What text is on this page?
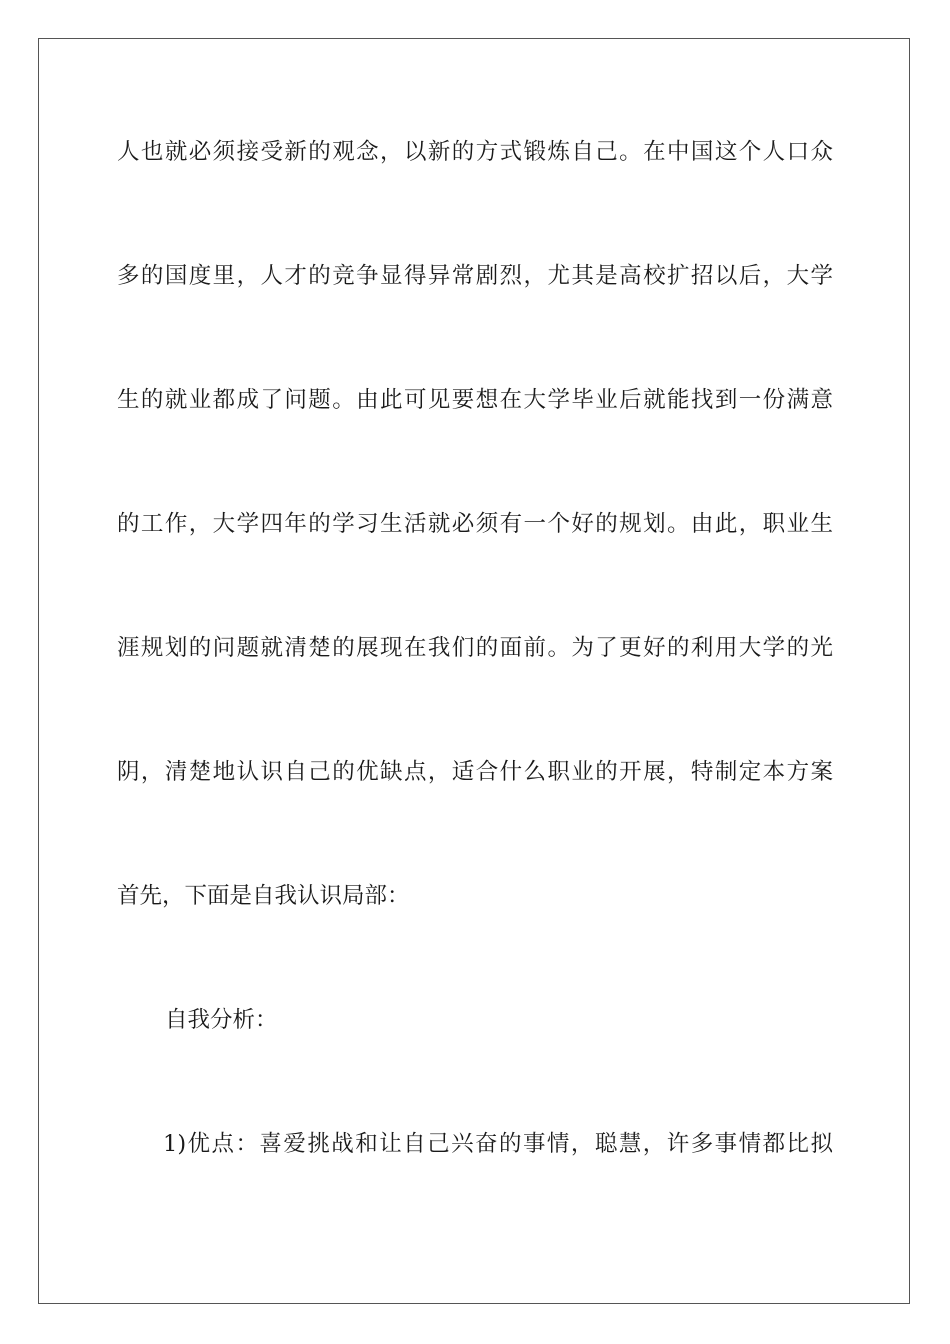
人也就必须接受新的观念，以新的方式锻炼自己。在中国这个人口众
多的国度里，人才的竞争显得异常剧烈，尤其是高校扩招以后，大学
生的就业都成了问题。由此可见要想在大学毕业后就能找到一份满意
的工作，大学四年的学习生活就必须有一个好的规划。由此，职业生
涯规划的问题就清楚的展现在我们的面前。为了更好的利用大学的光
阴，清楚地认识自己的优缺点，适合什么职业的开展，特制定本方案
首先，下面是自我认识局部：
自我分析：
1)优点：喜爱挑战和让自己兴奋的事情，聪慧，许多事情都比拟
